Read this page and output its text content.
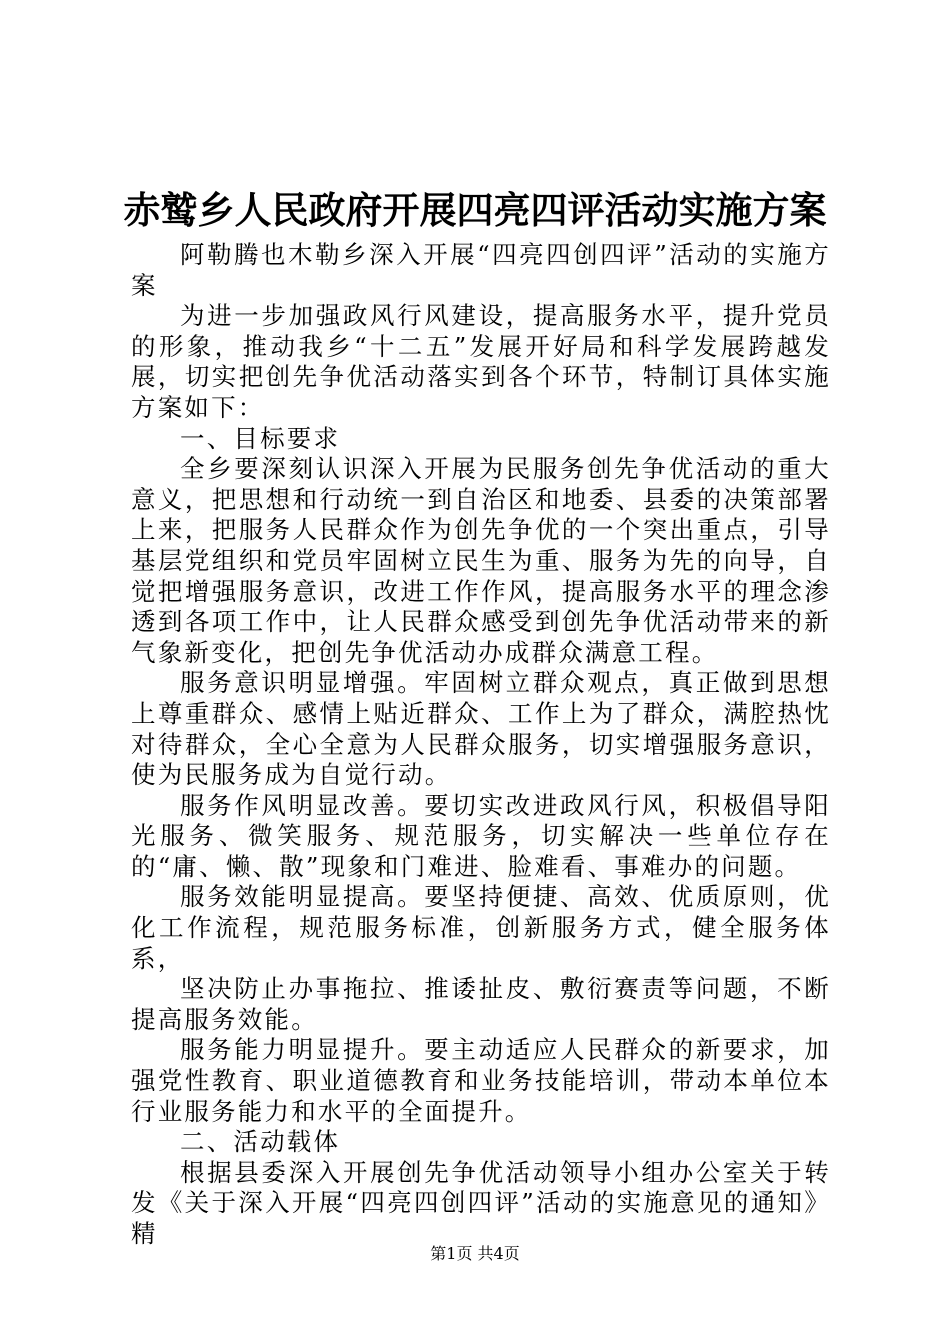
赤鹫乡人民政府开展四亮四评活动实施方案

阿勒腾也木勒乡深入开展“四亮四创四评”活动的实施方案

为进一步加强政风行风建设，提高服务水平，提升党员的形象，推动我乡“十二五”发展开好局和科学发展跨越发展，切实把创先争优活动落实到各个环节，特制订具体实施方案如下：

一、目标要求

全乡要深刻认识深入开展为民服务创先争优活动的重大意义，把思想和行动统一到自治区和地委、县委的决策部署上来，把服务人民群众作为创先争优的一个突出重点，引导基层党组织和党员牢固树立民生为重、服务为先的向导，自觉把增强服务意识，改进工作作风，提高服务水平的理念渗透到各项工作中，让人民群众感受到创先争优活动带来的新气象新变化，把创先争优活动办成群众满意工程。

服务意识明显增强。牢固树立群众观点，真正做到思想上尊重群众、感情上贴近群众、工作上为了群众，满腔热忱对待群众，全心全意为人民群众服务，切实增强服务意识，使为民服务成为自觉行动。

服务作风明显改善。要切实改进政风行风，积极倡导阳光服务、微笑服务、规范服务，切实解决一些单位存在的“庸、懒、散”现象和门难进、脸难看、事难办的问题。

服务效能明显提高。要坚持便捷、高效、优质原则，优化工作流程，规范服务标准，创新服务方式，健全服务体系，

坚决防止办事拖拉、推诿扯皮、敷衍赛责等问题，不断提高服务效能。

服务能力明显提升。要主动适应人民群众的新要求，加强党性教育、职业道德教育和业务技能培训，带动本单位本行业服务能力和水平的全面提升。

二、活动载体

根据县委深入开展创先争优活动领导小组办公室关于转发《关于深入开展“四亮四创四评”活动的实施意见的通知》精

第1页 共4页
